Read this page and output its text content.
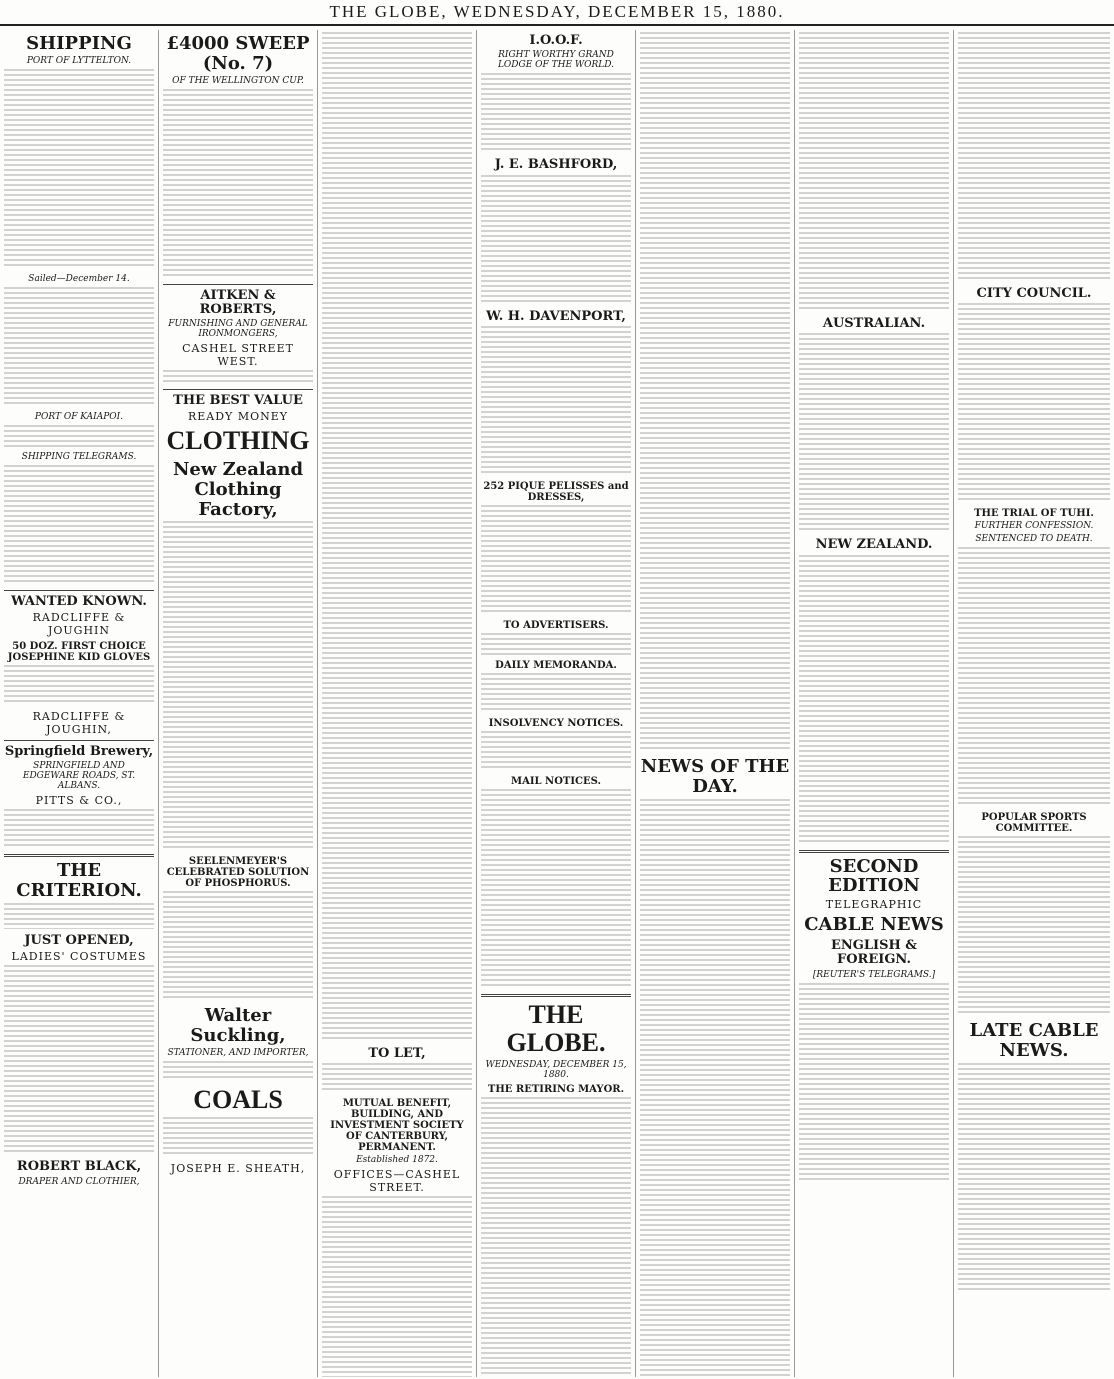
THE GLOBE, WEDNESDAY, DECEMBER 15, 1880.
SHIPPING
PORT OF LYTTELTON.
Sailed—December 14.
PORT OF KAIAPOI.
SHIPPING TELEGRAMS.
WANTED KNOWN.
RADCLIFFE & JOUGHIN
50 DOZ. FIRST CHOICE JOSEPHINE KID GLOVES
RADCLIFFE & JOUGHIN,
Springfield Brewery,
SPRINGFIELD AND EDGEWARE ROADS, ST. ALBANS.
PITTS & CO.,
THE CRITERION.
JUST OPENED,
LADIES' COSTUMES
ROBERT BLACK,
DRAPER AND CLOTHIER,
£4000 SWEEP (No. 7)
OF THE WELLINGTON CUP.
AITKEN & ROBERTS,
FURNISHING AND GENERAL IRONMONGERS,
CASHEL STREET WEST.
THE BEST VALUE
READY MONEY
CLOTHING
New Zealand Clothing Factory,
SEELENMEYER'S CELEBRATED SOLUTION OF PHOSPHORUS.
Walter Suckling,
STATIONER, AND IMPORTER,
COALS
JOSEPH E. SHEATH,
TO LET,
MUTUAL BENEFIT, BUILDING, AND INVESTMENT SOCIETY OF CANTERBURY, PERMANENT.
Established 1872.
OFFICES—CASHEL STREET.
I.O.O.F.
RIGHT WORTHY GRAND LODGE OF THE WORLD.
J. E. BASHFORD,
W. H. DAVENPORT,
252 PIQUE PELISSES and DRESSES,
TO ADVERTISERS.
DAILY MEMORANDA.
INSOLVENCY NOTICES.
MAIL NOTICES.
THE GLOBE.
WEDNESDAY, DECEMBER 15, 1880.
THE RETIRING MAYOR.
NEWS OF THE DAY.
AUSTRALIAN.
NEW ZEALAND.
SECOND EDITION
TELEGRAPHIC
CABLE NEWS
ENGLISH & FOREIGN.
[REUTER'S TELEGRAMS.]
CITY COUNCIL.
THE TRIAL OF TUHI.
FURTHER CONFESSION.
SENTENCED TO DEATH.
POPULAR SPORTS COMMITTEE.
LATE CABLE NEWS.
